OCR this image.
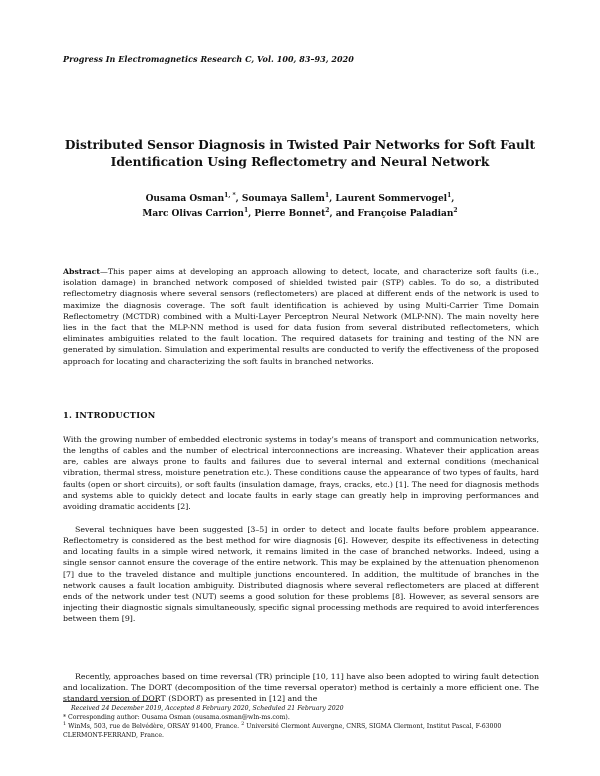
Progress In Electromagnetics Research C, Vol. 100, 83–93, 2020
Distributed Sensor Diagnosis in Twisted Pair Networks for Soft Fault Identification Using Reflectometry and Neural Network
Ousama Osman$^{1, *}$, Soumaya Sallem$^1$, Laurent Sommervogel$^1$,
Marc Olivas Carrion$^1$, Pierre Bonnet$^2$, and Françoise Paladian$^2$
Abstract—This paper aims at developing an approach allowing to detect, locate, and characterize soft faults (i.e., isolation damage) in branched network composed of shielded twisted pair (STP) cables. To do so, a distributed reflectometry diagnosis where several sensors (reflectometers) are placed at different ends of the network is used to maximize the diagnosis coverage. The soft fault identification is achieved by using Multi-Carrier Time Domain Reflectometry (MCTDR) combined with a Multi-Layer Perceptron Neural Network (MLP-NN). The main novelty here lies in the fact that the MLP-NN method is used for data fusion from several distributed reflectometers, which eliminates ambiguities related to the fault location. The required datasets for training and testing of the NN are generated by simulation. Simulation and experimental results are conducted to verify the effectiveness of the proposed approach for locating and characterizing the soft faults in branched networks.
1. INTRODUCTION
With the growing number of embedded electronic systems in today’s means of transport and communication networks, the lengths of cables and the number of electrical interconnections are increasing. Whatever their application areas are, cables are always prone to faults and failures due to several internal and external conditions (mechanical vibration, thermal stress, moisture penetration etc.). These conditions cause the appearance of two types of faults, hard faults (open or short circuits), or soft faults (insulation damage, frays, cracks, etc.) [1]. The need for diagnosis methods and systems able to quickly detect and locate faults in early stage can greatly help in improving performances and avoiding dramatic accidents [2].
Several techniques have been suggested [3–5] in order to detect and locate faults before problem appearance. Reflectometry is considered as the best method for wire diagnosis [6]. However, despite its effectiveness in detecting and locating faults in a simple wired network, it remains limited in the case of branched networks. Indeed, using a single sensor cannot ensure the coverage of the entire network. This may be explained by the attenuation phenomenon [7] due to the traveled distance and multiple junctions encountered. In addition, the multitude of branches in the network causes a fault location ambiguity. Distributed diagnosis where several reflectometers are placed at different ends of the network under test (NUT) seems a good solution for these problems [8]. However, as several sensors are injecting their diagnostic signals simultaneously, specific signal processing methods are required to avoid interferences between them [9].
Recently, approaches based on time reversal (TR) principle [10, 11] have also been adopted to wiring fault detection and localization. The DORT (decomposition of the time reversal operator) method is certainly a more efficient one. The standard version of DORT (SDORT) as presented in [12] and the
Received 24 December 2019, Accepted 8 February 2020, Scheduled 21 February 2020
* Corresponding author: Ousama Osman (ousama.osman@wln-ms.com).
$^1$ WinMs, 503, rue de Belvédère, ORSAY 91400, France. $^2$ Université Clermont Auvergne, CNRS, SIGMA Clermont, Institut Pascal, F-63000 CLERMONT-FERRAND, France.
